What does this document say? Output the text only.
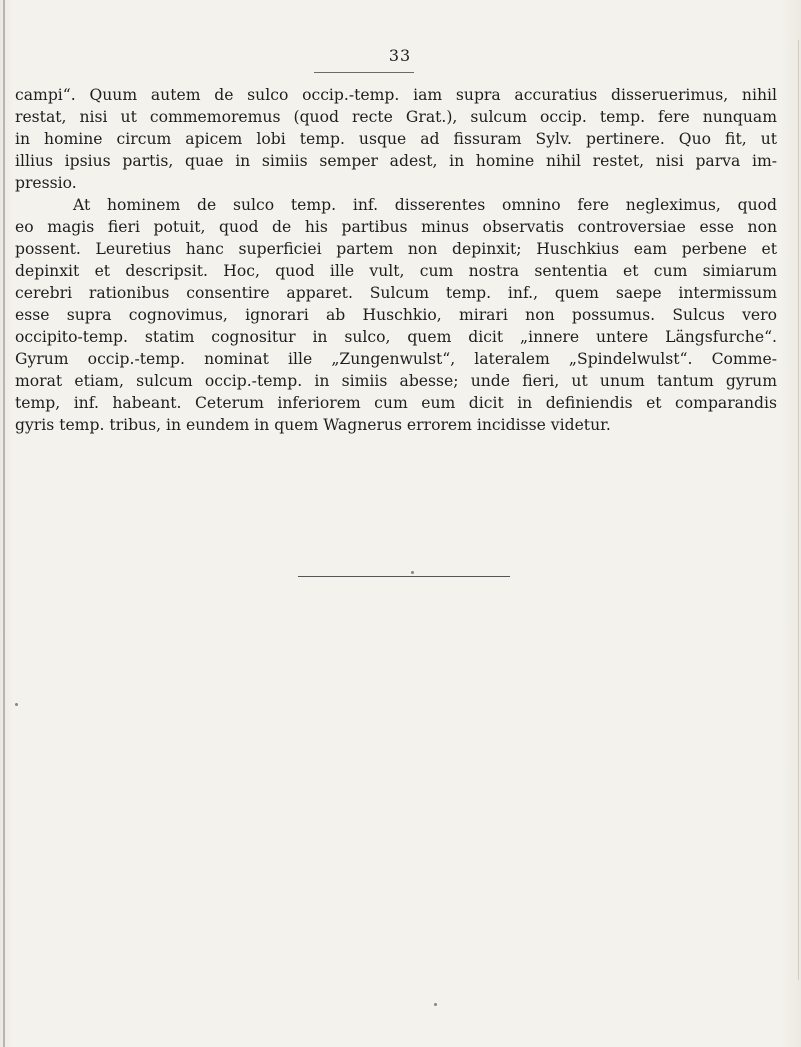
33
campi“. Quum autem de sulco occip.-temp. iam supra accuratius disseruerimus, nihil
restat, nisi ut commemoremus (quod recte Grat.), sulcum occip. temp. fere nunquam
in homine circum apicem lobi temp. usque ad fissuram Sylv. pertinere. Quo fit, ut
illius ipsius partis, quae in simiis semper adest, in homine nihil restet, nisi parva im-
pressio.
At hominem de sulco temp. inf. disserentes omnino fere negleximus, quod
eo magis fieri potuit, quod de his partibus minus observatis controversiae esse non
possent. Leuretius hanc superficiei partem non depinxit; Huschkius eam perbene et
depinxit et descripsit. Hoc, quod ille vult, cum nostra sententia et cum simiarum
cerebri rationibus consentire apparet. Sulcum temp. inf., quem saepe intermissum
esse supra cognovimus, ignorari ab Huschkio, mirari non possumus. Sulcus vero
occipito-temp. statim cognositur in sulco, quem dicit „innere untere Längsfurche“.
Gyrum occip.-temp. nominat ille „Zungenwulst“, lateralem „Spindelwulst“. Comme-
morat etiam, sulcum occip.-temp. in simiis abesse; unde fieri, ut unum tantum gyrum
temp, inf. habeant. Ceterum inferiorem cum eum dicit in definiendis et comparandis
gyris temp. tribus, in eundem in quem Wagnerus errorem incidisse videtur.
